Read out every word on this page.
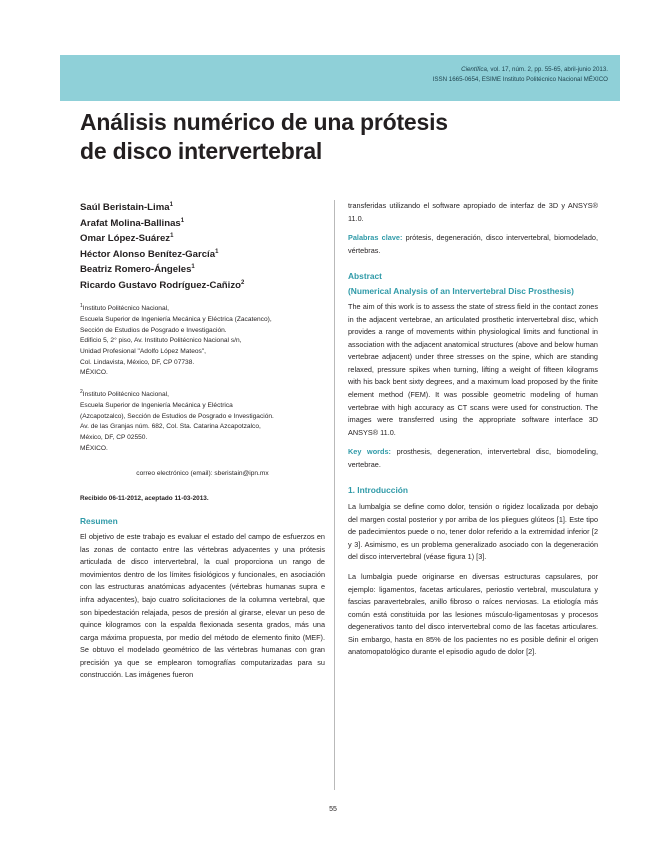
Científica, vol. 17, núm. 2, pp. 55-65, abril-junio 2013.
ISSN 1665-0654, ESIME Instituto Politécnico Nacional MÉXICO
Análisis numérico de una prótesis
de disco intervertebral
Saúl Beristain-Lima$^1$
Arafat Molina-Ballinas$^1$
Omar López-Suárez$^1$
Héctor Alonso Benítez-García$^1$
Beatriz Romero-Ángeles$^1$
Ricardo Gustavo Rodríguez-Cañizo$^2$

$^1$Instituto Politécnico Nacional,

Escuela Superior de Ingeniería Mecánica y Eléctrica (Zacatenco),

Sección de Estudios de Posgrado e Investigación.

Edificio 5, 2° piso, Av. Instituto Politécnico Nacional s/n,

Unidad Profesional "Adolfo López Mateos",

Col. Lindavista, México, DF, CP 07738.

MÉXICO.

$^2$Instituto Politécnico Nacional,

Escuela Superior de Ingeniería Mecánica y Eléctrica

(Azcapotzalco), Sección de Estudios de Posgrado e Investigación.

Av. de las Granjas núm. 682, Col. Sta. Catarina Azcapotzalco,

México, DF, CP 02550.

MÉXICO.

correo electrónico (email): sberistain@ipn.mx
Recibido 06-11-2012, aceptado 11-03-2013.
Resumen

El objetivo de este trabajo es evaluar el estado del campo de esfuerzos en las zonas de contacto entre las vértebras adyacentes y una prótesis articulada de disco intervertebral, la cual proporciona un rango de movimientos dentro de los límites fisiológicos y funcionales, en asociación con las estructuras anatómicas adyacentes (vértebras humanas supra e infra adyacentes), bajo cuatro solicitaciones de la columna vertebral, que son bipedestación relajada, pesos de presión al girarse, elevar un peso de quince kilogramos con la espalda flexionada sesenta grados, más una carga máxima propuesta, por medio del método de elemento finito (MEF). Se obtuvo el modelado geométrico de las vértebras humanas con gran precisión ya que se emplearon tomografías computarizadas para su construcción. Las imágenes fueron

transferidas utilizando el software apropiado de interfaz de 3D y ANSYS® 11.0.

Palabras clave: prótesis, degeneración, disco intervertebral, biomodelado, vértebras.

Abstract
(Numerical Analysis of an Intervertebral Disc Prosthesis)

The aim of this work is to assess the state of stress field in the contact zones in the adjacent vertebrae, an articulated prosthetic intervertebral disc, which provides a range of movements within physiological limits and functional in association with the adjacent anatomical structures (above and below human vertebrae adjacent) under three stresses on the spine, which are standing relaxed, pressure spikes when turning, lifting a weight of fifteen kilograms with his back bent sixty degrees, and a maximum load proposed by the finite element method (FEM). It was possible geometric modeling of human vertebrae with high accuracy as CT scans were used for construction. The images were transferred using the appropriate software interface 3D ANSYS® 11.0.

Key words: prosthesis, degeneration, intervertebral disc, biomodeling, vertebrae.

1. Introducción

La lumbalgia se define como dolor, tensión o rigidez localizada por debajo del margen costal posterior y por arriba de los pliegues glúteos [1]. Este tipo de padecimientos puede o no, tener dolor referido a la extremidad inferior [2 y 3]. Asimismo, es un problema generalizado asociado con la degeneración del disco intervertebral (véase figura 1) [3].

La lumbalgia puede originarse en diversas estructuras capsulares, por ejemplo: ligamentos, facetas articulares, periostio vertebral, musculatura y fascias paravertebrales, anillo fibroso o raíces nerviosas. La etiología más común está constituida por las lesiones músculo-ligamentosas y procesos degenerativos tanto del disco intervertebral como de las facetas articulares. Sin embargo, hasta en 85% de los pacientes no es posible definir el origen anatomopatológico durante el episodio agudo de dolor [2].

55
